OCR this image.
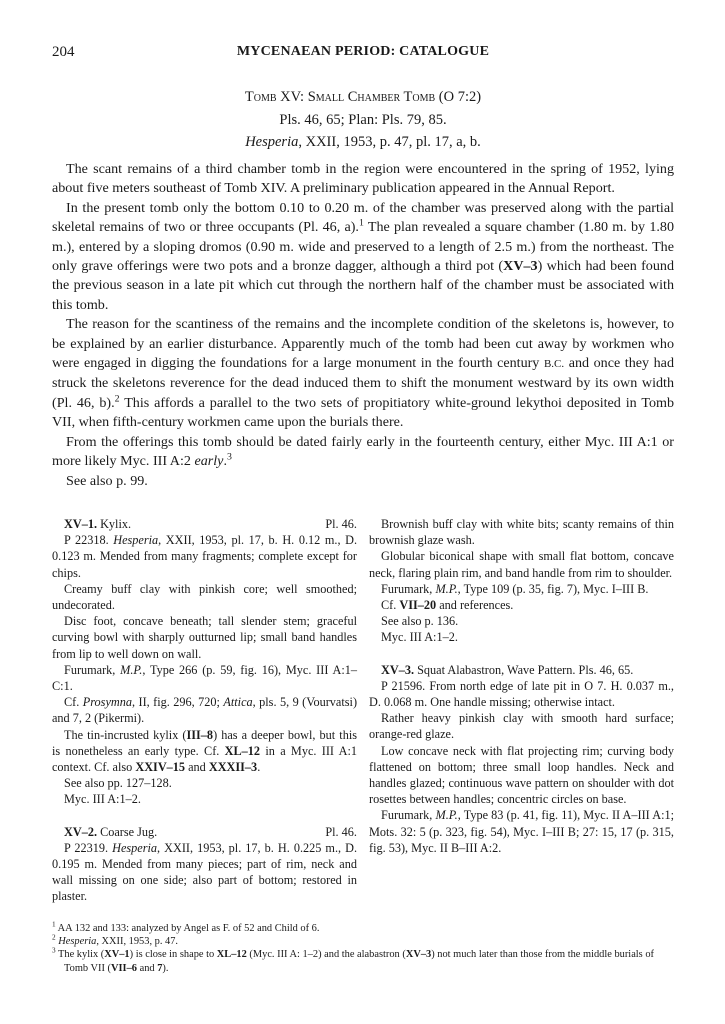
204	MYCENAEAN PERIOD: CATALOGUE
Tomb XV: Small Chamber Tomb (O 7:2)
Pls. 46, 65; Plan: Pls. 79, 85.
Hesperia, XXII, 1953, p. 47, pl. 17, a, b.

The scant remains of a third chamber tomb in the region were encountered in the spring of 1952, lying about five meters southeast of Tomb XIV. A preliminary publication appeared in the Annual Report.

In the present tomb only the bottom 0.10 to 0.20 m. of the chamber was preserved along with the partial skeletal remains of two or three occupants (Pl. 46, a).$^1$ The plan revealed a square chamber (1.80 m. by 1.80 m.), entered by a sloping dromos (0.90 m. wide and preserved to a length of 2.5 m.) from the northeast. The only grave offerings were two pots and a bronze dagger, although a third pot (XV–3) which had been found the previous season in a late pit which cut through the northern half of the chamber must be associated with this tomb.

The reason for the scantiness of the remains and the incomplete condition of the skeletons is, however, to be explained by an earlier disturbance. Apparently much of the tomb had been cut away by workmen who were engaged in digging the foundations for a large monument in the fourth century B.C. and once they had struck the skeletons reverence for the dead induced them to shift the monument westward by its own width (Pl. 46, b).$^2$ This affords a parallel to the two sets of propitiatory white-ground lekythoi deposited in Tomb VII, when fifth-century workmen came upon the burials there.

From the offerings this tomb should be dated fairly early in the fourteenth century, either Myc. III A:1 or more likely Myc. III A:2 early.$^3$

See also p. 99.

XV–1. Kylix.	Pl. 46.

P 22318. Hesperia, XXII, 1953, pl. 17, b. H. 0.12 m., D. 0.123 m. Mended from many fragments; complete except for chips.

Creamy buff clay with pinkish core; well smoothed; undecorated.

Disc foot, concave beneath; tall slender stem; graceful curving bowl with sharply outturned lip; small band handles from lip to well down on wall.

Furumark, M.P., Type 266 (p. 59, fig. 16), Myc. III A:1–C:1.

Cf. Prosymna, II, fig. 296, 720; Attica, pls. 5, 9 (Vourvatsi) and 7, 2 (Pikermi).

The tin-incrusted kylix (III–8) has a deeper bowl, but this is nonetheless an early type. Cf. XL–12 in a Myc. III A:1 context. Cf. also XXIV–15 and XXXII–3.

See also pp. 127–128.

Myc. III A:1–2.

XV–2. Coarse Jug.	Pl. 46.

P 22319. Hesperia, XXII, 1953, pl. 17, b. H. 0.225 m., D. 0.195 m. Mended from many pieces; part of rim, neck and wall missing on one side; also part of bottom; restored in plaster.

Brownish buff clay with white bits; scanty remains of thin brownish glaze wash.

Globular biconical shape with small flat bottom, concave neck, flaring plain rim, and band handle from rim to shoulder.

Furumark, M.P., Type 109 (p. 35, fig. 7), Myc. I–III B.

Cf. VII–20 and references.

See also p. 136.

Myc. III A:1–2.

XV–3. Squat Alabastron, Wave Pattern. Pls. 46, 65.

P 21596. From north edge of late pit in O 7. H. 0.037 m., D. 0.068 m. One handle missing; otherwise intact.

Rather heavy pinkish clay with smooth hard surface; orange-red glaze.

Low concave neck with flat projecting rim; curving body flattened on bottom; three small loop handles. Neck and handles glazed; continuous wave pattern on shoulder with dot rosettes between handles; concentric circles on base.

Furumark, M.P., Type 83 (p. 41, fig. 11), Myc. II A–III A:1; Mots. 32: 5 (p. 323, fig. 54), Myc. I–III B; 27: 15, 17 (p. 315, fig. 53), Myc. II B–III A:2.

$^1$ AA 132 and 133: analyzed by Angel as F. of 52 and Child of 6.

$^2$ Hesperia, XXII, 1953, p. 47.

$^3$ The kylix (XV–1) is close in shape to XL–12 (Myc. III A: 1–2) and the alabastron (XV–3) not much later than those from the middle burials of Tomb VII (VII–6 and 7).
